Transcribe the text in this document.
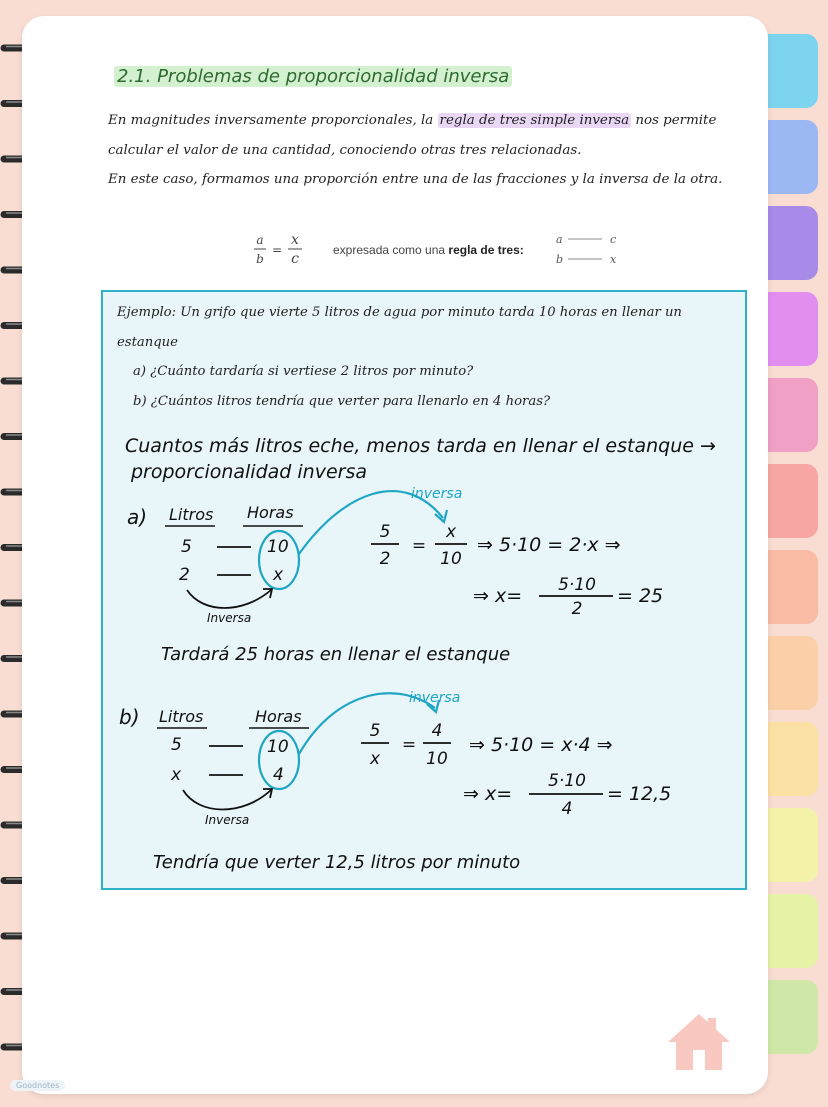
2.1. Problemas de proporcionalidad inversa
En magnitudes inversamente proporcionales, la regla de tres simple inversa nos permite calcular el valor de una cantidad, conociendo otras tres relacionadas.
En este caso, formamos una proporción entre una de las fracciones y la inversa de la otra.
a
b
=
x
c
expresada como una regla de tres:
a	c
b	x
Ejemplo: Un grifo que vierte 5 litros de agua por minuto tarda 10 horas en llenar un estanque
a) ¿Cuánto tardaría si vertiese 2 litros por minuto?
b) ¿Cuántos litros tendría que verter para llenarlo en 4 horas?
Cuantos más litros eche, menos tarda en llenar el estanque →
proporcionalidad inversa
a) Litros Horas
5	10
2	x
inversa
Inversa
5
2
=
x
10
⇒ 5·10 = 2·x ⇒
⇒ x= 5·10
2
= 25
Tardará 25 horas en llenar el estanque
b) Litros	Horas
5	10
x	4
inversa
Inversa
5
x
=
4
10
⇒ 5·10 = x·4 ⇒
⇒ x=
5·10
4
= 12,5
Tendría que verter 12,5 litros por minuto
Goodnotes
